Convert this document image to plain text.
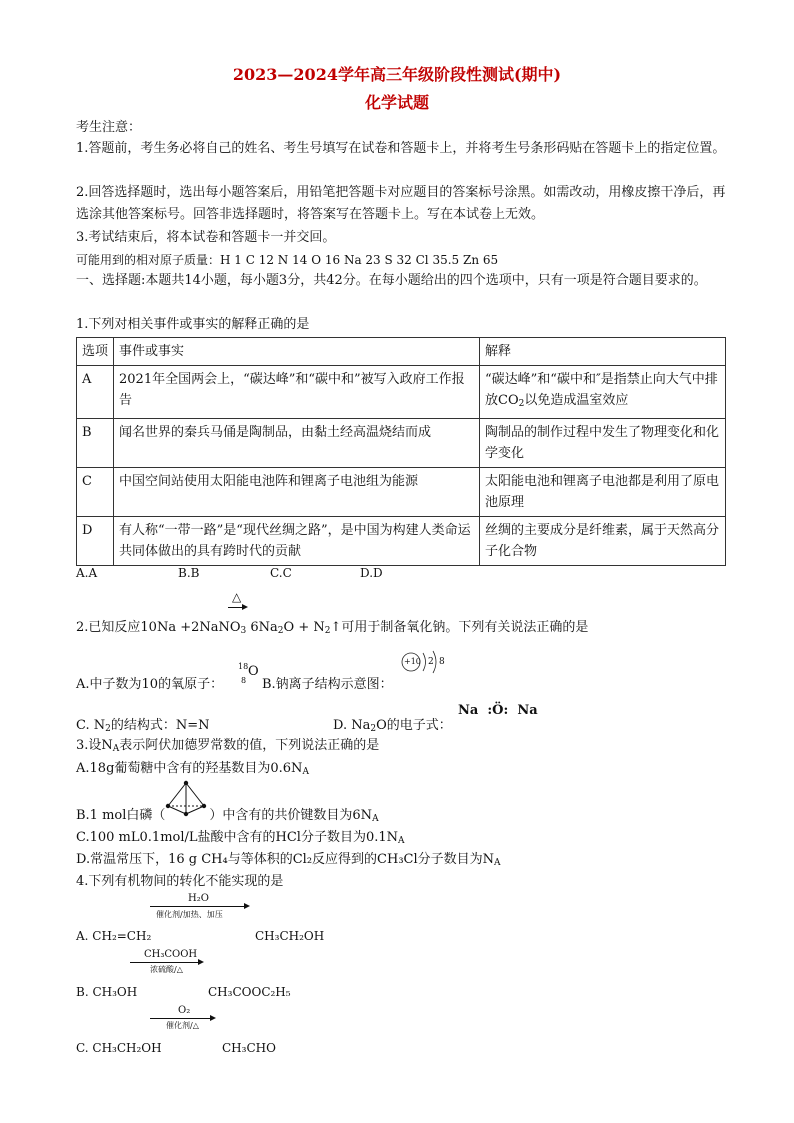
2023—2024学年高三年级阶段性测试(期中)
化学试题
考生注意：
1.答题前，考生务必将自己的姓名、考生号填写在试卷和答题卡上，并将考生号条形码贴在答题卡上的指定位置。
2.回答选择题时，选出每小题答案后，用铅笔把答题卡对应题目的答案标号涂黑。如需改动，用橡皮擦干净后，再选涂其他答案标号。回答非选择题时，将答案写在答题卡上。写在本试卷上无效。
3.考试结束后，将本试卷和答题卡一并交回。
可能用到的相对原子质量：H 1 C 12 N 14 O 16 Na 23 S 32 Cl 35.5 Zn 65
一、选择题:本题共14小题，每小题3分，共42分。在每小题给出的四个选项中，只有一项是符合题目要求的。
1.下列对相关事件或事实的解释正确的是
选项	事件或事实	解释
A	2021年全国两会上，“碳达峰”和“碳中和”被写入政府工作报告	“碳达峰”和“碳中和″是指禁止向大气中排放$CO_2$以免造成温室效应
B	闻名世界的秦兵马俑是陶制品，由黏土经高温烧结而成	陶制品的制作过程中发生了物理变化和化学变化
C	中国空间站使用太阳能电池阵和锂离子电池组为能源	太阳能电池和锂离子电池都是利用了原电池原理
D	有人称“一带一路”是“现代丝绸之路”，是中国为构建人类命运共同体做出的具有跨时代的贡献	丝绸的主要成分是纤维素，属于天然高分子化合物
A.A	B.B	C.C	D.D
△
2.已知反应10Na +2NaNO$_3$ $6Na_2O$ + $N_2↑$可用于制备氧化钠。下列有关说法正确的是
A.中子数为10的氧原子：
18
8
O
B.钠离子结构示意图：
+10 2 8
C. $N_2$的结构式：N=N	D. $Na_2O$的电子式：
Na  :Ö:  Na
3.设$N_A$表示阿伏加德罗常数的值，下列说法正确的是
A.18g葡萄糖中含有的羟基数目为$0.6N_A$
B.1 mol白磷（	）中含有的共价键数目为$6N_A$
C.100 mL0.1mol/L盐酸中含有的HCl分子数目为$0.1N_A$
D.常温常压下，16 g CH₄与等体积的Cl₂反应得到的CH₃Cl分子数目为$N_A$
4.下列有机物间的转化不能实现的是
H₂O
催化剂/加热、加压
A. CH₂=CH₂	CH₃CH₂OH
CH₃COOH
浓硫酸/△
B. CH₃OH	CH₃COOC₂H₅
O₂
催化剂/△
C. CH₃CH₂OH	CH₃CHO
